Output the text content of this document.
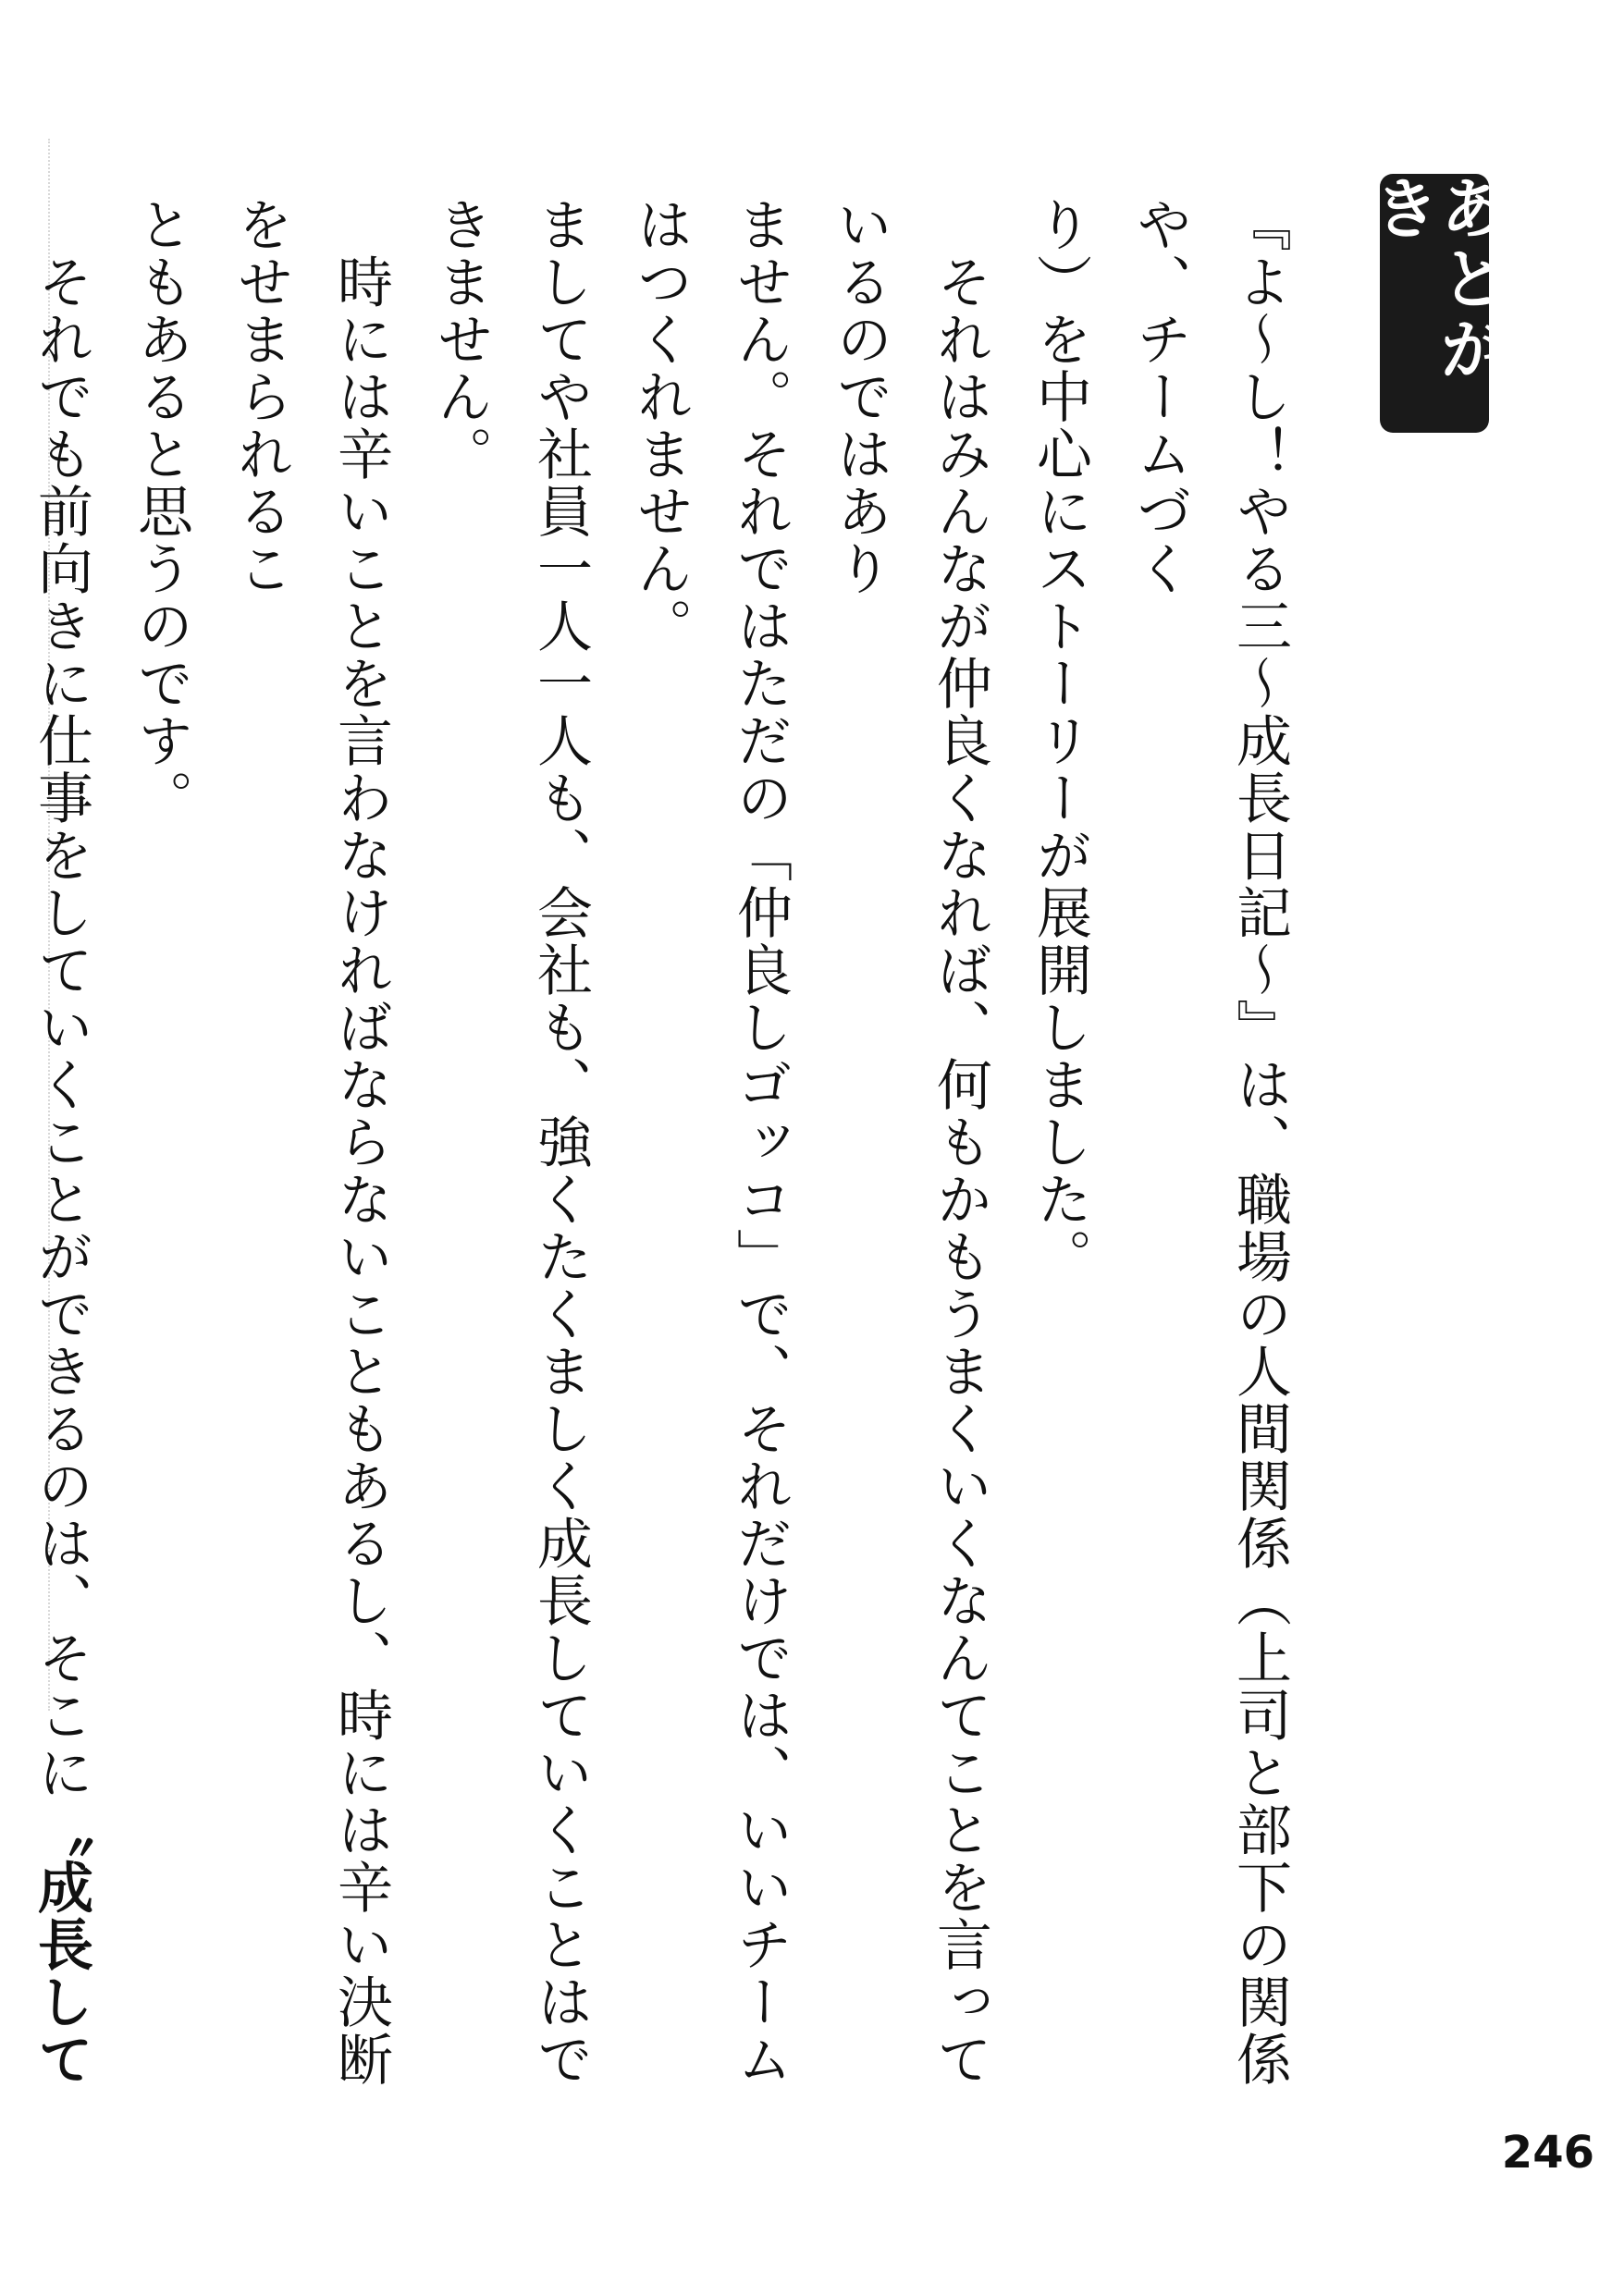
あとがき
『よ〜し！やる三〜成長日記〜』は、職場の人間関係（上司と部下の関係や、チームづく
り）を中心にストーリーが展開しました。
　それはみんなが仲良くなれば、何もかもうまくいくなんてことを言っているのではあり
ません。それではただの「仲良しゴッコ」で、それだけでは、いいチームはつくれません。
ましてや社員一人一人も、会社も、強くたくましく成長していくことはできません。
　時には辛いことを言わなければならないこともあるし、時には辛い決断をせまられるこ
ともあると思うのです。
　それでも前向きに仕事をしていくことができるのは、そこに〝成長して
246
